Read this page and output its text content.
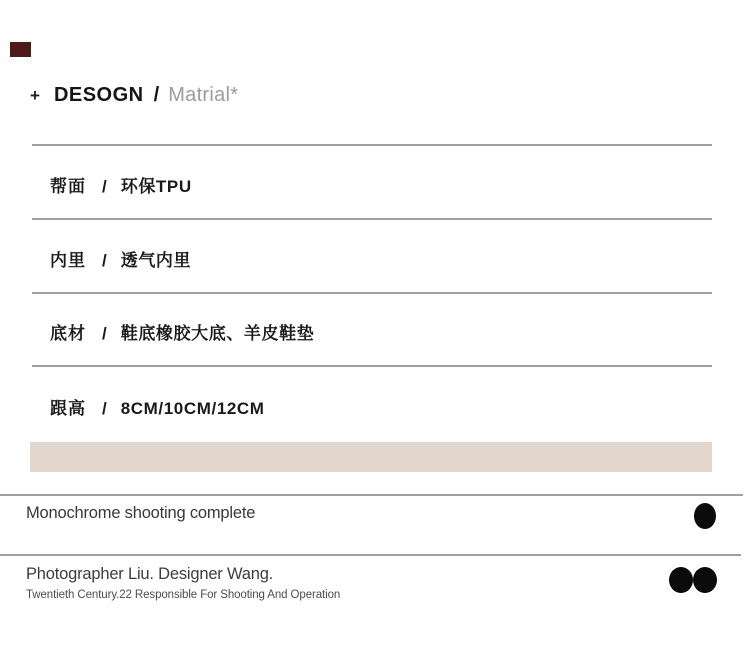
+ DESOGN / Matrial*
帮面 / 环保TPU
内里 / 透气内里
底材 / 鞋底橡胶大底、羊皮鞋垫
跟高 / 8CM/10CM/12CM
Monochrome shooting complete
Photographer Liu. Designer Wang.
Twentieth Century.22 Responsible For Shooting And Operation
